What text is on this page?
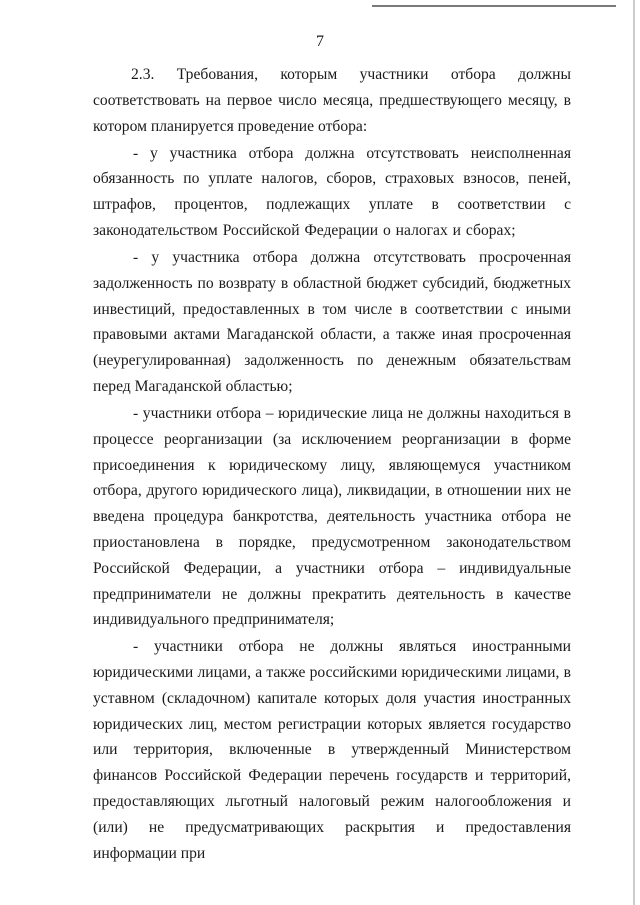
7

2.3. Требования, которым участники отбора должны соответствовать на первое число месяца, предшествующего месяцу, в котором планируется проведение отбора:

- у участника отбора должна отсутствовать неисполненная обязанность по уплате налогов, сборов, страховых взносов, пеней, штрафов, процентов, подлежащих уплате в соответствии с законодательством Российской Федерации о налогах и сборах;

- у участника отбора должна отсутствовать просроченная задолженность по возврату в областной бюджет субсидий, бюджетных инвестиций, предоставленных в том числе в соответствии с иными правовыми актами Магаданской области, а также иная просроченная (неурегулированная) задолженность по денежным обязательствам перед Магаданской областью;

- участники отбора – юридические лица не должны находиться в процессе реорганизации (за исключением реорганизации в форме присоединения к юридическому лицу, являющемуся участником отбора, другого юридического лица), ликвидации, в отношении них не введена процедура банкротства, деятельность участника отбора не приостановлена в порядке, предусмотренном законодательством Российской Федерации, а участники отбора – индивидуальные предприниматели не должны прекратить деятельность в качестве индивидуального предпринимателя;

- участники отбора не должны являться иностранными юридическими лицами, а также российскими юридическими лицами, в уставном (складочном) капитале которых доля участия иностранных юридических лиц, местом регистрации которых является государство или территория, включенные в утвержденный Министерством финансов Российской Федерации перечень государств и территорий, предоставляющих льготный налоговый режим налогообложения и (или) не предусматривающих раскрытия и предоставления информации при
